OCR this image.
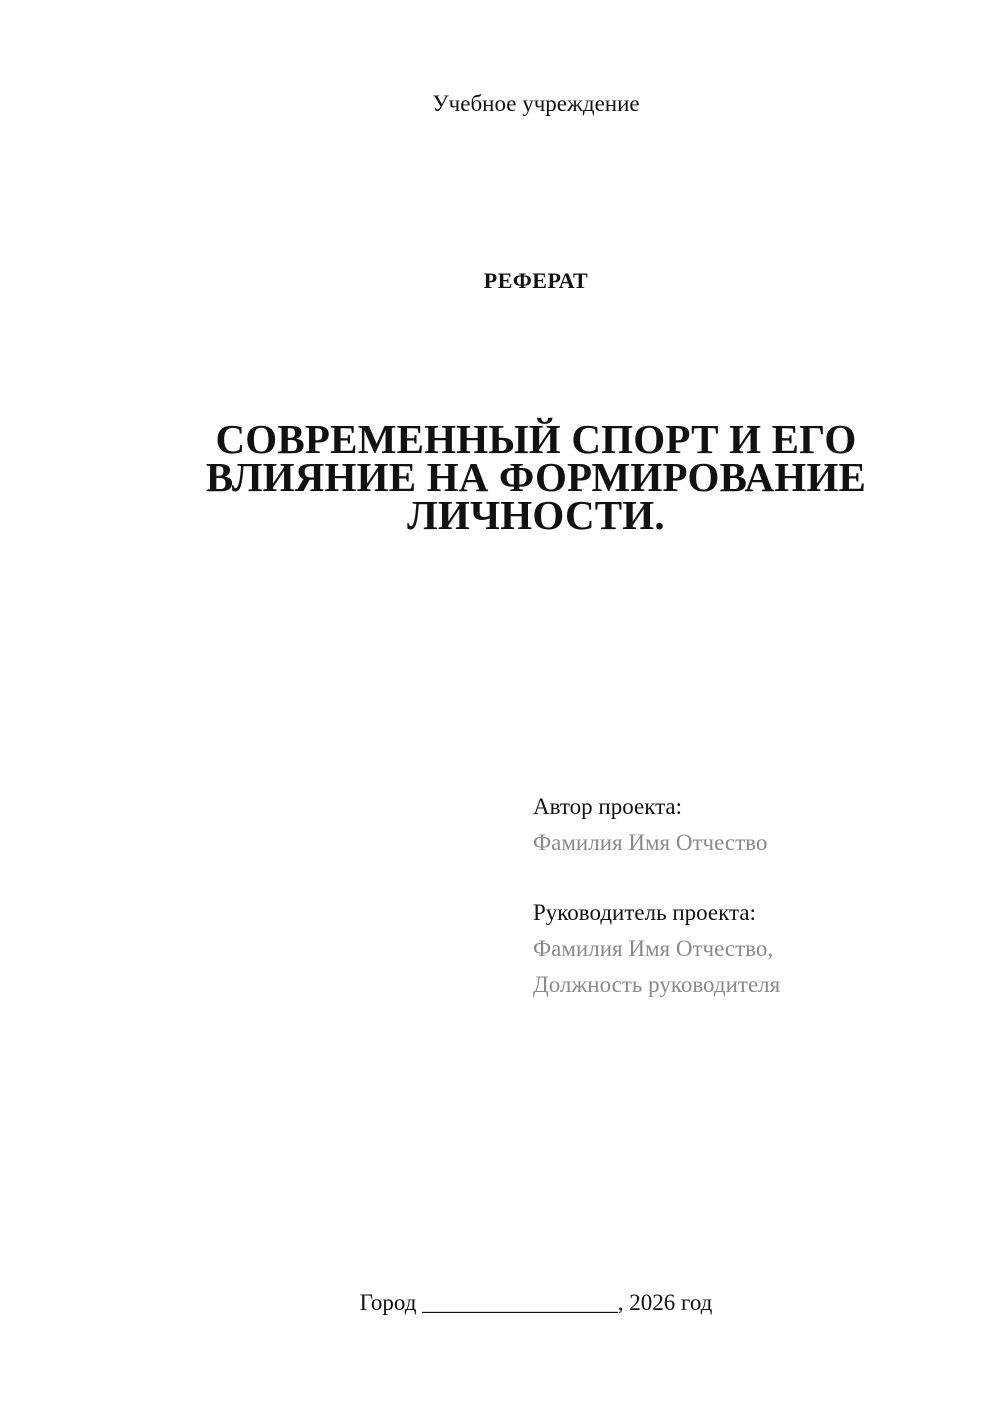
Учебное учреждение
РЕФЕРАТ
СОВРЕМЕННЫЙ СПОРТ И ЕГО
ВЛИЯНИЕ НА ФОРМИРОВАНИЕ
ЛИЧНОСТИ.
Автор проекта:
Фамилия Имя Отчество
Руководитель проекта:
Фамилия Имя Отчество,
Должность руководителя
Город _________________, 2026 год
